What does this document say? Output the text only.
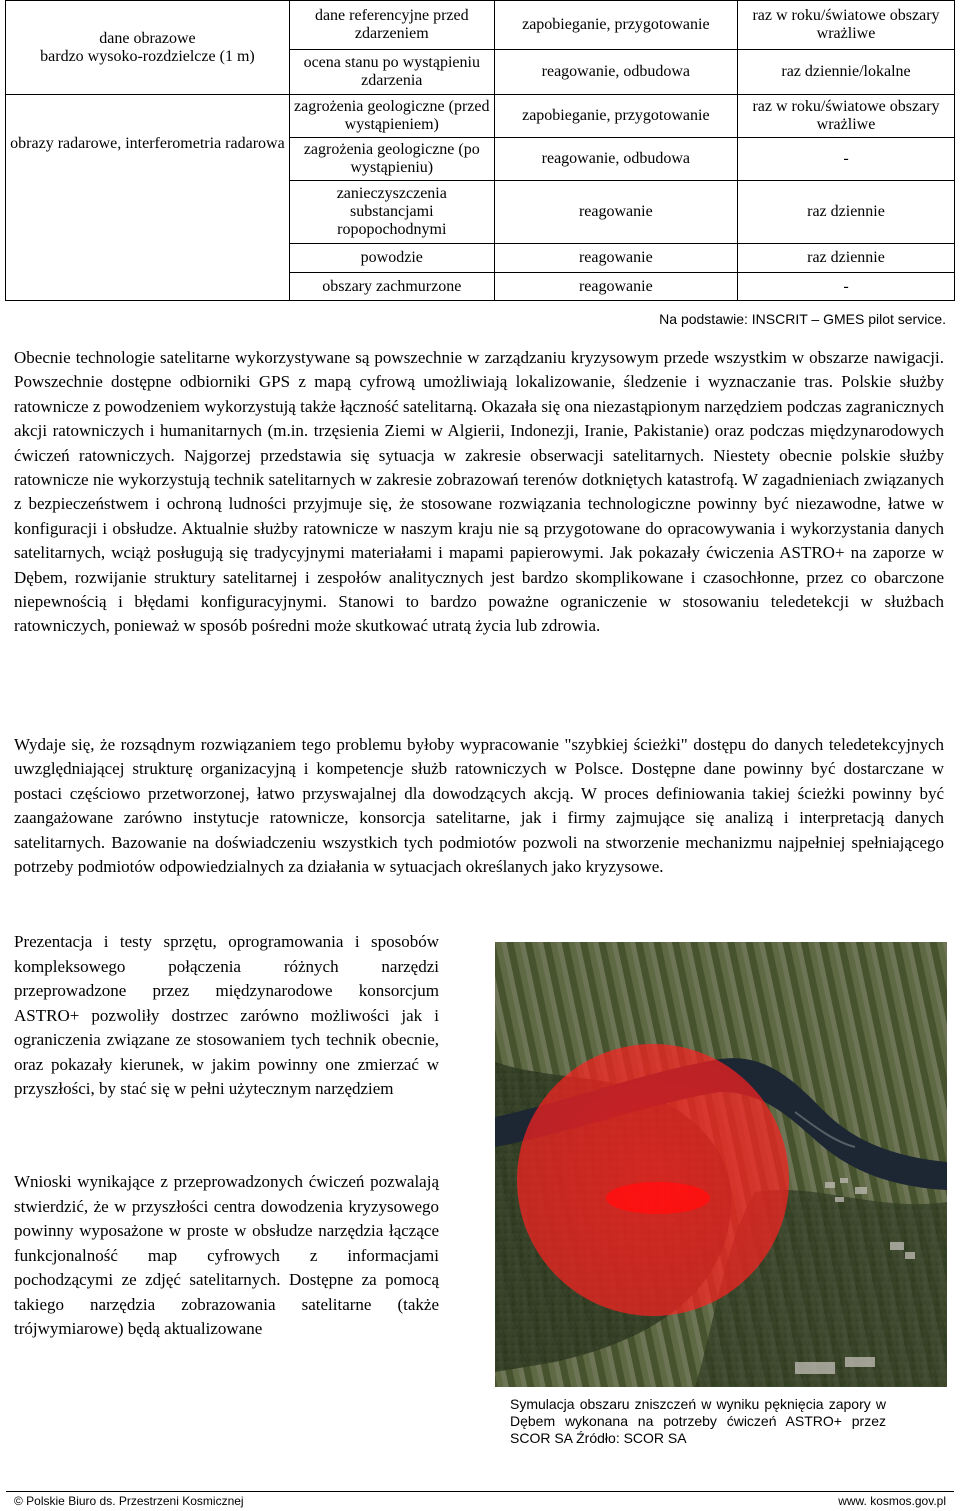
dane obrazowe
bardzo wysoko-rozdzielcze (1 m)	dane referencyjne przed zdarzeniem	zapobieganie, przygotowanie	raz w roku/światowe obszary wrażliwe
	ocena stanu po wystąpieniu zdarzenia	reagowanie, odbudowa	raz dziennie/lokalne
obrazy radarowe, interferometria radarowa	zagrożenia geologiczne (przed wystąpieniem)	zapobieganie, przygotowanie	raz w roku/światowe obszary wrażliwe
	zagrożenia geologiczne (po wystąpieniu)	reagowanie, odbudowa	-
	zanieczyszczenia substancjami ropopochodnymi	reagowanie	raz dziennie
	powodzie	reagowanie	raz dziennie
	obszary zachmurzone	reagowanie	-
Na podstawie: INSCRIT – GMES pilot service.

Obecnie technologie satelitarne wykorzystywane są powszechnie w zarządzaniu kryzysowym przede wszystkim w obszarze nawigacji. Powszechnie dostępne odbiorniki GPS z mapą cyfrową umożliwiają lokalizowanie, śledzenie i wyznaczanie tras. Polskie służby ratownicze z powodzeniem wykorzystują także łączność satelitarną. Okazała się ona niezastąpionym narzędziem podczas zagranicznych akcji ratowniczych i humanitarnych (m.in. trzęsienia Ziemi w Algierii, Indonezji, Iranie, Pakistanie) oraz podczas międzynarodowych ćwiczeń ratowniczych. Najgorzej przedstawia się sytuacja w zakresie obserwacji satelitarnych. Niestety obecnie polskie służby ratownicze nie wykorzystują technik satelitarnych w zakresie zobrazowań terenów dotkniętych katastrofą. W zagadnieniach związanych z bezpieczeństwem i ochroną ludności przyjmuje się, że stosowane rozwiązania technologiczne powinny być niezawodne, łatwe w konfiguracji i obsłudze. Aktualnie służby ratownicze w naszym kraju nie są przygotowane do opracowywania i wykorzystania danych satelitarnych, wciąż posługują się tradycyjnymi materiałami i mapami papierowymi. Jak pokazały ćwiczenia ASTRO+ na zaporze w Dębem, rozwijanie struktury satelitarnej i zespołów analitycznych jest bardzo skomplikowane i czasochłonne, przez co obarczone niepewnością i błędami konfiguracyjnymi. Stanowi to bardzo poważne ograniczenie w stosowaniu teledetekcji w służbach ratowniczych, ponieważ w sposób pośredni może skutkować utratą życia lub zdrowia.

Wydaje się, że rozsądnym rozwiązaniem tego problemu byłoby wypracowanie "szybkiej ścieżki" dostępu do danych teledetekcyjnych uwzględniającej strukturę organizacyjną i kompetencje służb ratowniczych w Polsce. Dostępne dane powinny być dostarczane w postaci częściowo przetworzonej, łatwo przyswajalnej dla dowodzących akcją. W proces definiowania takiej ścieżki powinny być zaangażowane zarówno instytucje ratownicze, konsorcja satelitarne, jak i firmy zajmujące się analizą i interpretacją danych satelitarnych. Bazowanie na doświadczeniu wszystkich tych podmiotów pozwoli na stworzenie mechanizmu najpełniej spełniającego potrzeby podmiotów odpowiedzialnych za działania w sytuacjach określanych jako kryzysowe.

Prezentacja i testy sprzętu, oprogramowania i sposobów kompleksowego połączenia różnych narzędzi przeprowadzone przez międzynarodowe konsorcjum ASTRO+ pozwoliły dostrzec zarówno możliwości jak i ograniczenia związane ze stosowaniem tych technik obecnie, oraz pokazały kierunek, w jakim powinny one zmierzać w przyszłości, by stać się w pełni użytecznym narzędziem

Wnioski wynikające z przeprowadzonych ćwiczeń pozwalają stwierdzić, że w przyszłości centra dowodzenia kryzysowego powinny wyposażone w proste w obsłudze narzędzia łączące funkcjonalność map cyfrowych z informacjami pochodzącymi ze zdjęć satelitarnych. Dostępne za pomocą takiego narzędzia zobrazowania satelitarne (także trójwymiarowe) będą aktualizowane

Symulacja obszaru zniszczeń w wyniku pęknięcia zapory w Dębem wykonana na potrzeby ćwiczeń ASTRO+ przez SCOR SA Źródło: SCOR SA

© Polskie Biuro ds. Przestrzeni Kosmicznej	www. kosmos.gov.pl
